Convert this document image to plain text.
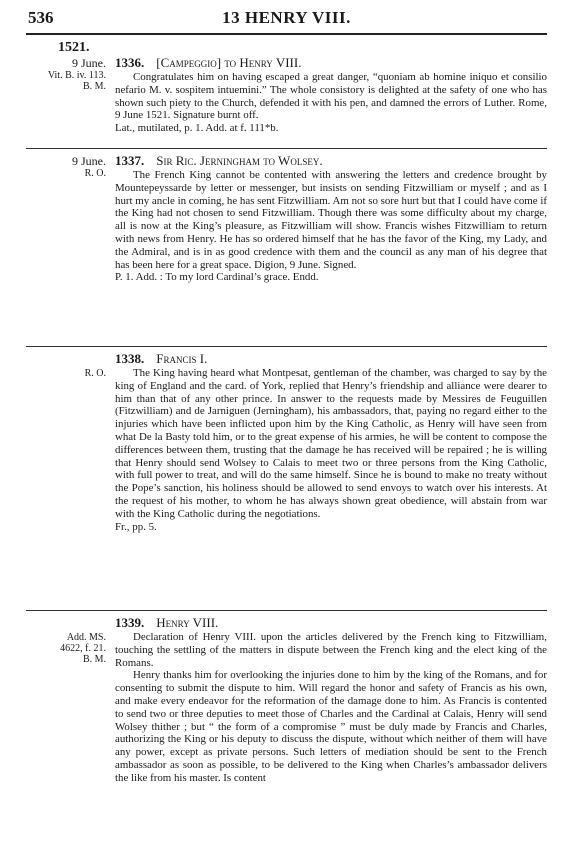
536	13 HENRY VIII.
1521.
9 June.
Vit. B. iv. 113.
B. M.
1336. [Campeggio] to Henry VIII.

Congratulates him on having escaped a great danger, “quoniam ab homine iniquo et consilio nefario M. v. sospitem intuemini.” The whole consistory is delighted at the safety of one who has shown such piety to the Church, defended it with his pen, and damned the errors of Luther. Rome, 9 June 1521. Signature burnt off.

Lat., mutilated, p. 1. Add. at f. 111*b.

9 June.
R. O.
1337. Sir Ric. Jerningham to Wolsey.

The French King cannot be contented with answering the letters and credence brought by Mountepeyssarde by letter or messenger, but insists on sending Fitzwilliam or myself ; and as I hurt my ancle in coming, he has sent Fitzwilliam. Am not so sore hurt but that I could have come if the King had not chosen to send Fitzwilliam. Though there was some difficulty about my charge, all is now at the King’s pleasure, as Fitzwilliam will show. Francis wishes Fitzwilliam to return with news from Henry. He has so ordered himself that he has the favor of the King, my Lady, and the Admiral, and is in as good credence with them and the council as any man of his degree that has been here for a great space. Digion, 9 June. Signed.

P. 1. Add. : To my lord Cardinal’s grace. Endd.

R. O.
1338. Francis I.

The King having heard what Montpesat, gentleman of the chamber, was charged to say by the king of England and the card. of York, replied that Henry’s friendship and alliance were dearer to him than that of any other prince. In answer to the requests made by Messires de Feuguillen (Fitzwilliam) and de Jarniguen (Jerningham), his ambassadors, that, paying no regard either to the injuries which have been inflicted upon him by the King Catholic, as Henry will have seen from what De la Basty told him, or to the great expense of his armies, he will be content to compose the differences between them, trusting that the damage he has received will be repaired ; he is willing that Henry should send Wolsey to Calais to meet two or three persons from the King Catholic, with full power to treat, and will do the same himself. Since he is bound to make no treaty without the Pope’s sanction, his holiness should be allowed to send envoys to watch over his interests. At the request of his mother, to whom he has always shown great obedience, will abstain from war with the King Catholic during the negotiations.

Fr., pp. 5.

Add. MS.
4622, f. 21.
B. M.
1339. Henry VIII.

Declaration of Henry VIII. upon the articles delivered by the French king to Fitzwilliam, touching the settling of the matters in dispute between the French king and the elect king of the Romans.

Henry thanks him for overlooking the injuries done to him by the king of the Romans, and for consenting to submit the dispute to him. Will regard the honor and safety of Francis as his own, and make every endeavor for the reformation of the damage done to him. As Francis is contented to send two or three deputies to meet those of Charles and the Cardinal at Calais, Henry will send Wolsey thither ; but “ the form of a compromise ” must be duly made by Francis and Charles, authorizing the King or his deputy to discuss the dispute, without which neither of them will have any power, except as private persons. Such letters of mediation should be sent to the French ambassador as soon as possible, to be delivered to the King when Charles’s ambassador delivers the like from his master. Is content
